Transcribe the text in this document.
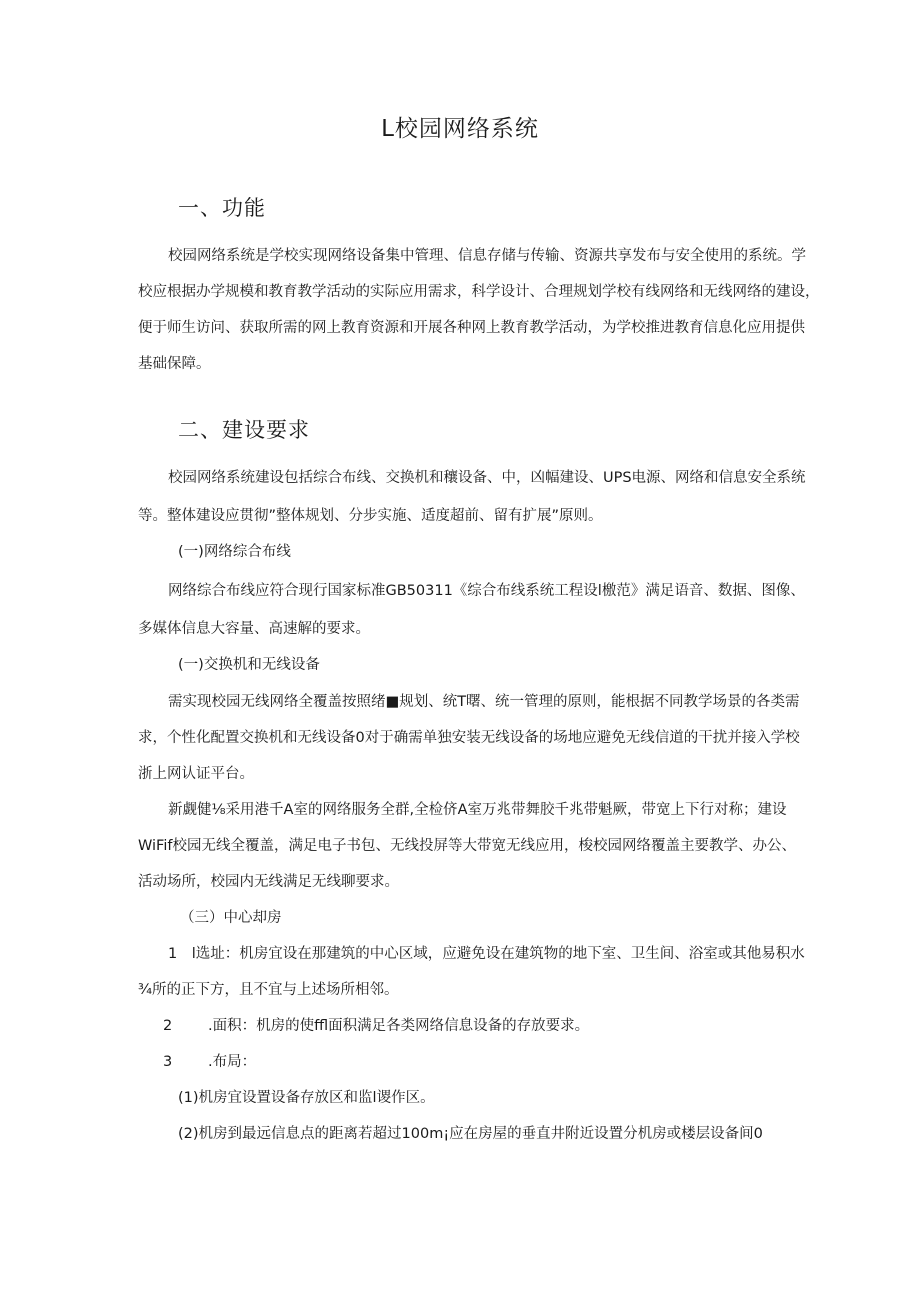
L校园网络系统
一、功能
校园网络系统是学校实现网络设备集中管理、信息存储与传输、资源共享发布与安全使用的系统。学
校应根据办学规模和教育教学活动的实际应用需求，科学设计、合理规划学校有线网络和无线网络的建设，
便于师生访问、获取所需的网上教育资源和开展各种网上教育教学活动，为学校推进教育信息化应用提供
基础保障。
二、建设要求
校园网络系统建设包括综合布线、交换机和穰设备、中，凶幅建设、UPS电源、网络和信息安全系统
等。整体建设应贯彻”整体规划、分步实施、适度超前、留有扩展”原则。
(一)网络综合布线
网络综合布线应符合现行国家标准GB50311《综合布线系统工程设l檄范》满足语音、数据、图像、
多媒体信息大容量、高速解的要求。
(一)交换机和无线设备
需实现校园无线网络全覆盖按照绪■规划、统T曙、统一管理的原则，能根据不同教学场景的各类需
求，个性化配置交换机和无线设备0对于确需单独安装无线设备的场地应避免无线信道的干扰并接入学校
浙上网认证平台。
新觑健⅛采用港千A室的网络服务全群,全检侪A室万兆带舞胶千兆带魁厥，带宽上下行对称；建设
WiFif校园无线全覆盖，满足电子书包、无线投屏等大带宽无线应用，梭校园网络覆盖主要教学、办公、
活动场所，校园内无线满足无线聊要求。
（三）中心却房
1　l选址：机房宜设在那建筑的中心区域，应避免设在建筑物的地下室、卫生间、浴室或其他易积水
¾所的正下方，且不宜与上述场所相邻。
2 .面积：机房的使ffl面积满足各类网络信息设备的存放要求。
3 .布局：
(1)机房宜设置设备存放区和监l谡作区。
(2)机房到最远信息点的距离若超过100m¡应在房屋的垂直井附近设置分机房或楼层设备间0
